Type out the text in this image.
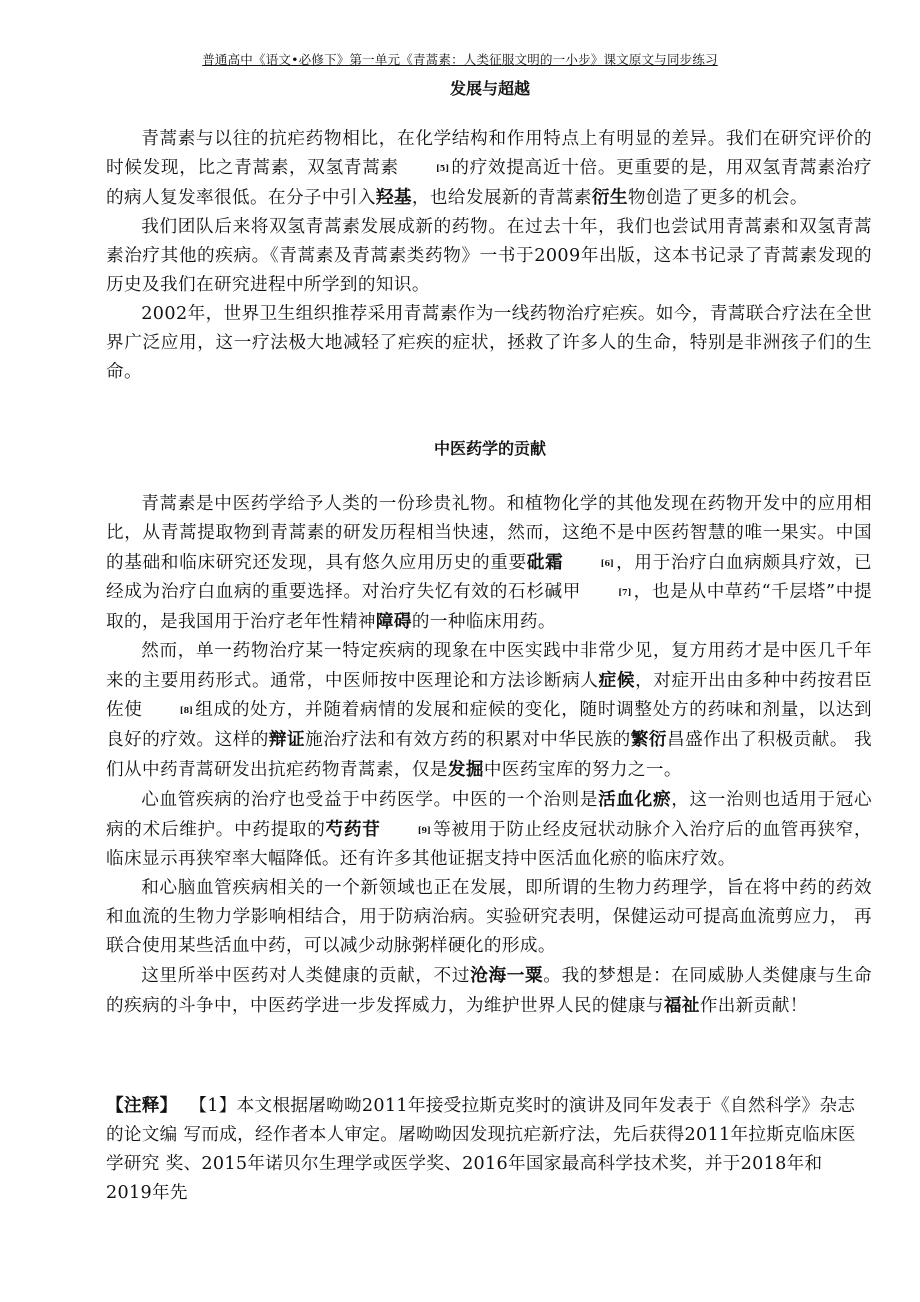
普通高中《语文•必修下》第一单元《青蒿素：人类征服文明的一小步》课文原文与同步练习
发展与超越

青蒿素与以往的抗疟药物相比，在化学结构和作用特点上有明显的差异。我们在研究评价的时候发现，比之青蒿素，双氢青蒿素	[5] 的疗效提高近十倍。更重要的是，用双氢青蒿素治疗的病人复发率很低。在分子中引入羟基，也给发展新的青蒿素衍生物创造了更多的机会。

我们团队后来将双氢青蒿素发展成新的药物。在过去十年，我们也尝试用青蒿素和双氢青蒿素治疗其他的疾病。《青蒿素及青蒿素类药物》一书于2009年出版，这本书记录了青蒿素发现的历史及我们在研究进程中所学到的知识。

2002年，世界卫生组织推荐采用青蒿素作为一线药物治疗疟疾。如今，青蒿联合疗法在全世界广泛应用，这一疗法极大地减轻了疟疾的症状，拯救了许多人的生命，特别是非洲孩子们的生命。

中医药学的贡献

青蒿素是中医药学给予人类的一份珍贵礼物。和植物化学的其他发现在药物开发中的应用相比，从青蒿提取物到青蒿素的研发历程相当快速，然而，这绝不是中医药智慧的唯一果实。中国的基础和临床研究还发现，具有悠久应用历史的重要砒霜	[6] ，用于治疗白血病颇具疗效，已经成为治疗白血病的重要选择。对治疗失忆有效的石杉碱甲	[7] ，也是从中草药“千层塔”中提取的，是我国用于治疗老年性精神障碍的一种临床用药。

然而，单一药物治疗某一特定疾病的现象在中医实践中非常少见，复方用药才是中医几千年来的主要用药形式。通常，中医师按中医理论和方法诊断病人症候，对症开出由多种中药按君臣佐使	[8] 组成的处方，并随着病情的发展和症候的变化，随时调整处方的药味和剂量，以达到良好的疗效。这样的辩证施治疗法和有效方药的积累对中华民族的繁衍昌盛作出了积极贡献。 我们从中药青蒿研发出抗疟药物青蒿素，仅是发掘中医药宝库的努力之一。

心血管疾病的治疗也受益于中药医学。中医的一个治则是活血化瘀，这一治则也适用于冠心病的术后维护。中药提取的芍药苷	[9] 等被用于防止经皮冠状动脉介入治疗后的血管再狭窄，临床显示再狭窄率大幅降低。还有许多其他证据支持中医活血化瘀的临床疗效。

和心脑血管疾病相关的一个新领域也正在发展，即所谓的生物力药理学，旨在将中药的药效和血流的生物力学影响相结合，用于防病治病。实验研究表明，保健运动可提高血流剪应力， 再联合使用某些活血中药，可以减少动脉粥样硬化的形成。

这里所举中医药对人类健康的贡献，不过沧海一粟。我的梦想是：在同威胁人类健康与生命的疾病的斗争中，中医药学进一步发挥威力，为维护世界人民的健康与福祉作出新贡献！

【注释】 【1】本文根据屠呦呦2011年接受拉斯克奖时的演讲及同年发表于《自然科学》杂志的论文编 写而成，经作者本人审定。屠呦呦因发现抗疟新疗法，先后获得2011年拉斯克临床医学研究 奖、2015年诺贝尔生理学或医学奖、2016年国家最高科学技术奖，并于2018年和2019年先
